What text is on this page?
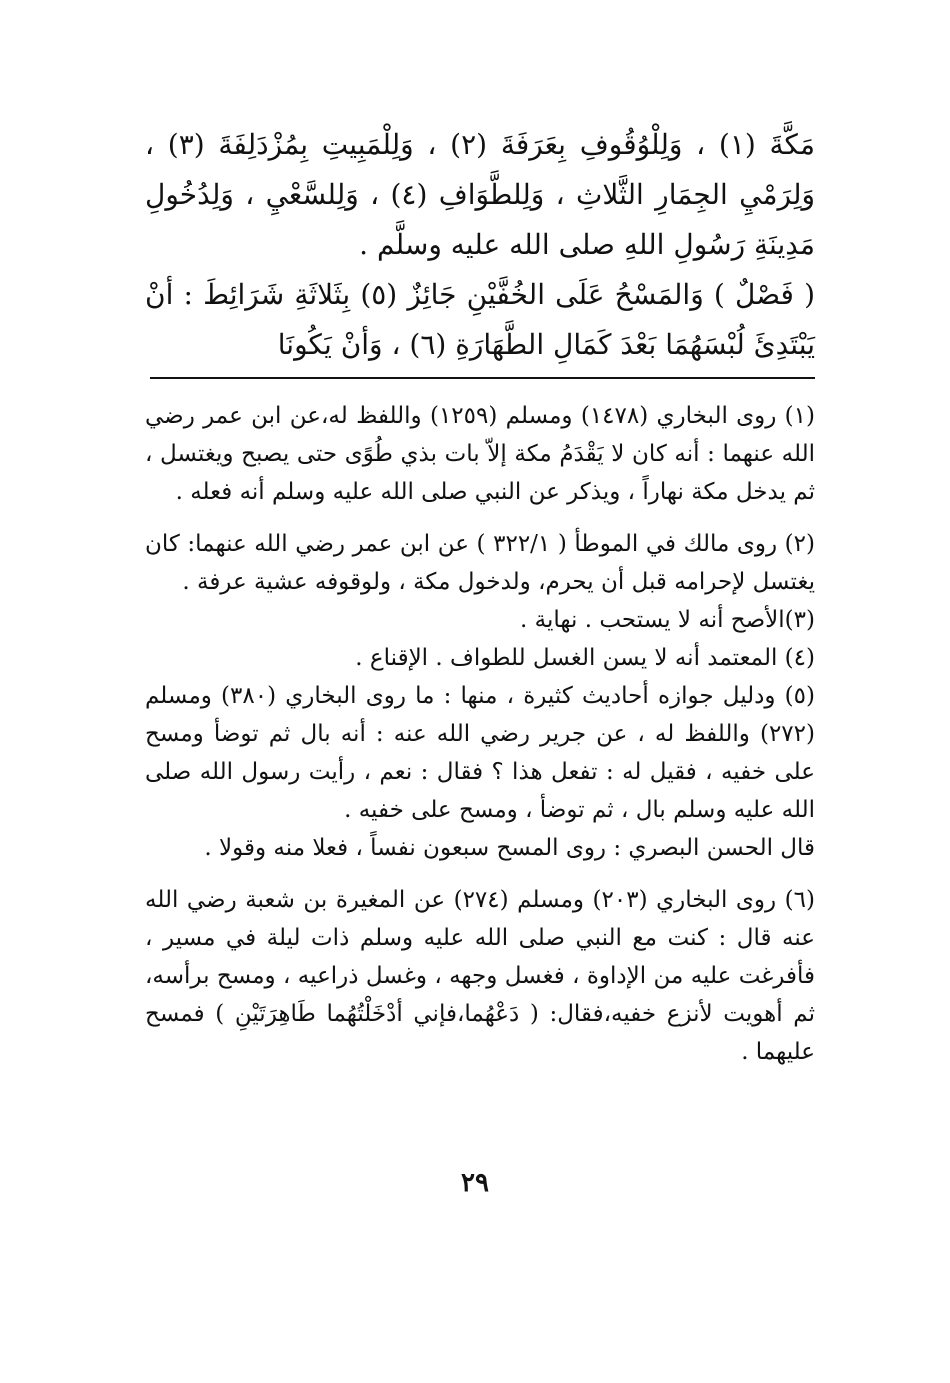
مَكَّةَ (١) ، وَلِلْوُقُوفِ بِعَرَفَةَ (٢) ، وَلِلْمَبِيتِ بِمُزْدَلِفَةَ (٣) ، وَلِرَمْيِ الجِمَارِ الثَّلاثِ ، وَلِلطَّوَافِ (٤) ، وَلِلسَّعْيِ ، وَلِدُخُولِ مَدِينَةِ رَسُولِ اللهِ صلى الله عليه وسلَّم .

( فَصْلٌ ) وَالمَسْحُ عَلَى الخُفَّيْنِ جَائِزٌ (٥) بِثَلاثَةِ شَرَائِطَ : أنْ يَبْتَدِئَ لُبْسَهُمَا بَعْدَ كَمَالِ الطَّهَارَةِ (٦) ، وَأنْ يَكُونَا

(١) روى البخاري (١٤٧٨) ومسلم (١٢٥٩) واللفظ له،عن ابن عمر رضي الله عنهما : أنه كان لا يَقْدَمُ مكة إلاّ بات بذي طُوًى حتى يصبح ويغتسل ، ثم يدخل مكة نهاراً ، ويذكر عن النبي صلى الله عليه وسلم أنه فعله .

(٢) روى مالك في الموطأ ( ٣٢٢/١ ) عن ابن عمر رضي الله عنهما: كان يغتسل لإحرامه قبل أن يحرم، ولدخول مكة ، ولوقوفه عشية عرفة .

(٣)الأصح أنه لا يستحب . نهاية .

(٤) المعتمد أنه لا يسن الغسل للطواف . الإقناع .

(٥) ودليل جوازه أحاديث كثيرة ، منها : ما روى البخاري (٣٨٠) ومسلم (٢٧٢) واللفظ له ، عن جرير رضي الله عنه : أنه بال ثم توضأ ومسح على خفيه ، فقيل له : تفعل هذا ؟ فقال : نعم ، رأيت رسول الله صلى الله عليه وسلم بال ، ثم توضأ ، ومسح على خفيه .

قال الحسن البصري : روى المسح سبعون نفساً ، فعلا منه وقولا .

(٦) روى البخاري (٢٠٣) ومسلم (٢٧٤) عن المغيرة بن شعبة رضي الله عنه قال : كنت مع النبي صلى الله عليه وسلم ذات ليلة في مسير ، فأفرغت عليه من الإداوة ، فغسل وجهه ، وغسل ذراعيه ، ومسح برأسه، ثم أهويت لأنزع خفيه،فقال: ( دَعْهُما،فإني أدْخَلْتُهُما طَاهِرَتَيْنِ ) فمسح عليهما .

٢٩
